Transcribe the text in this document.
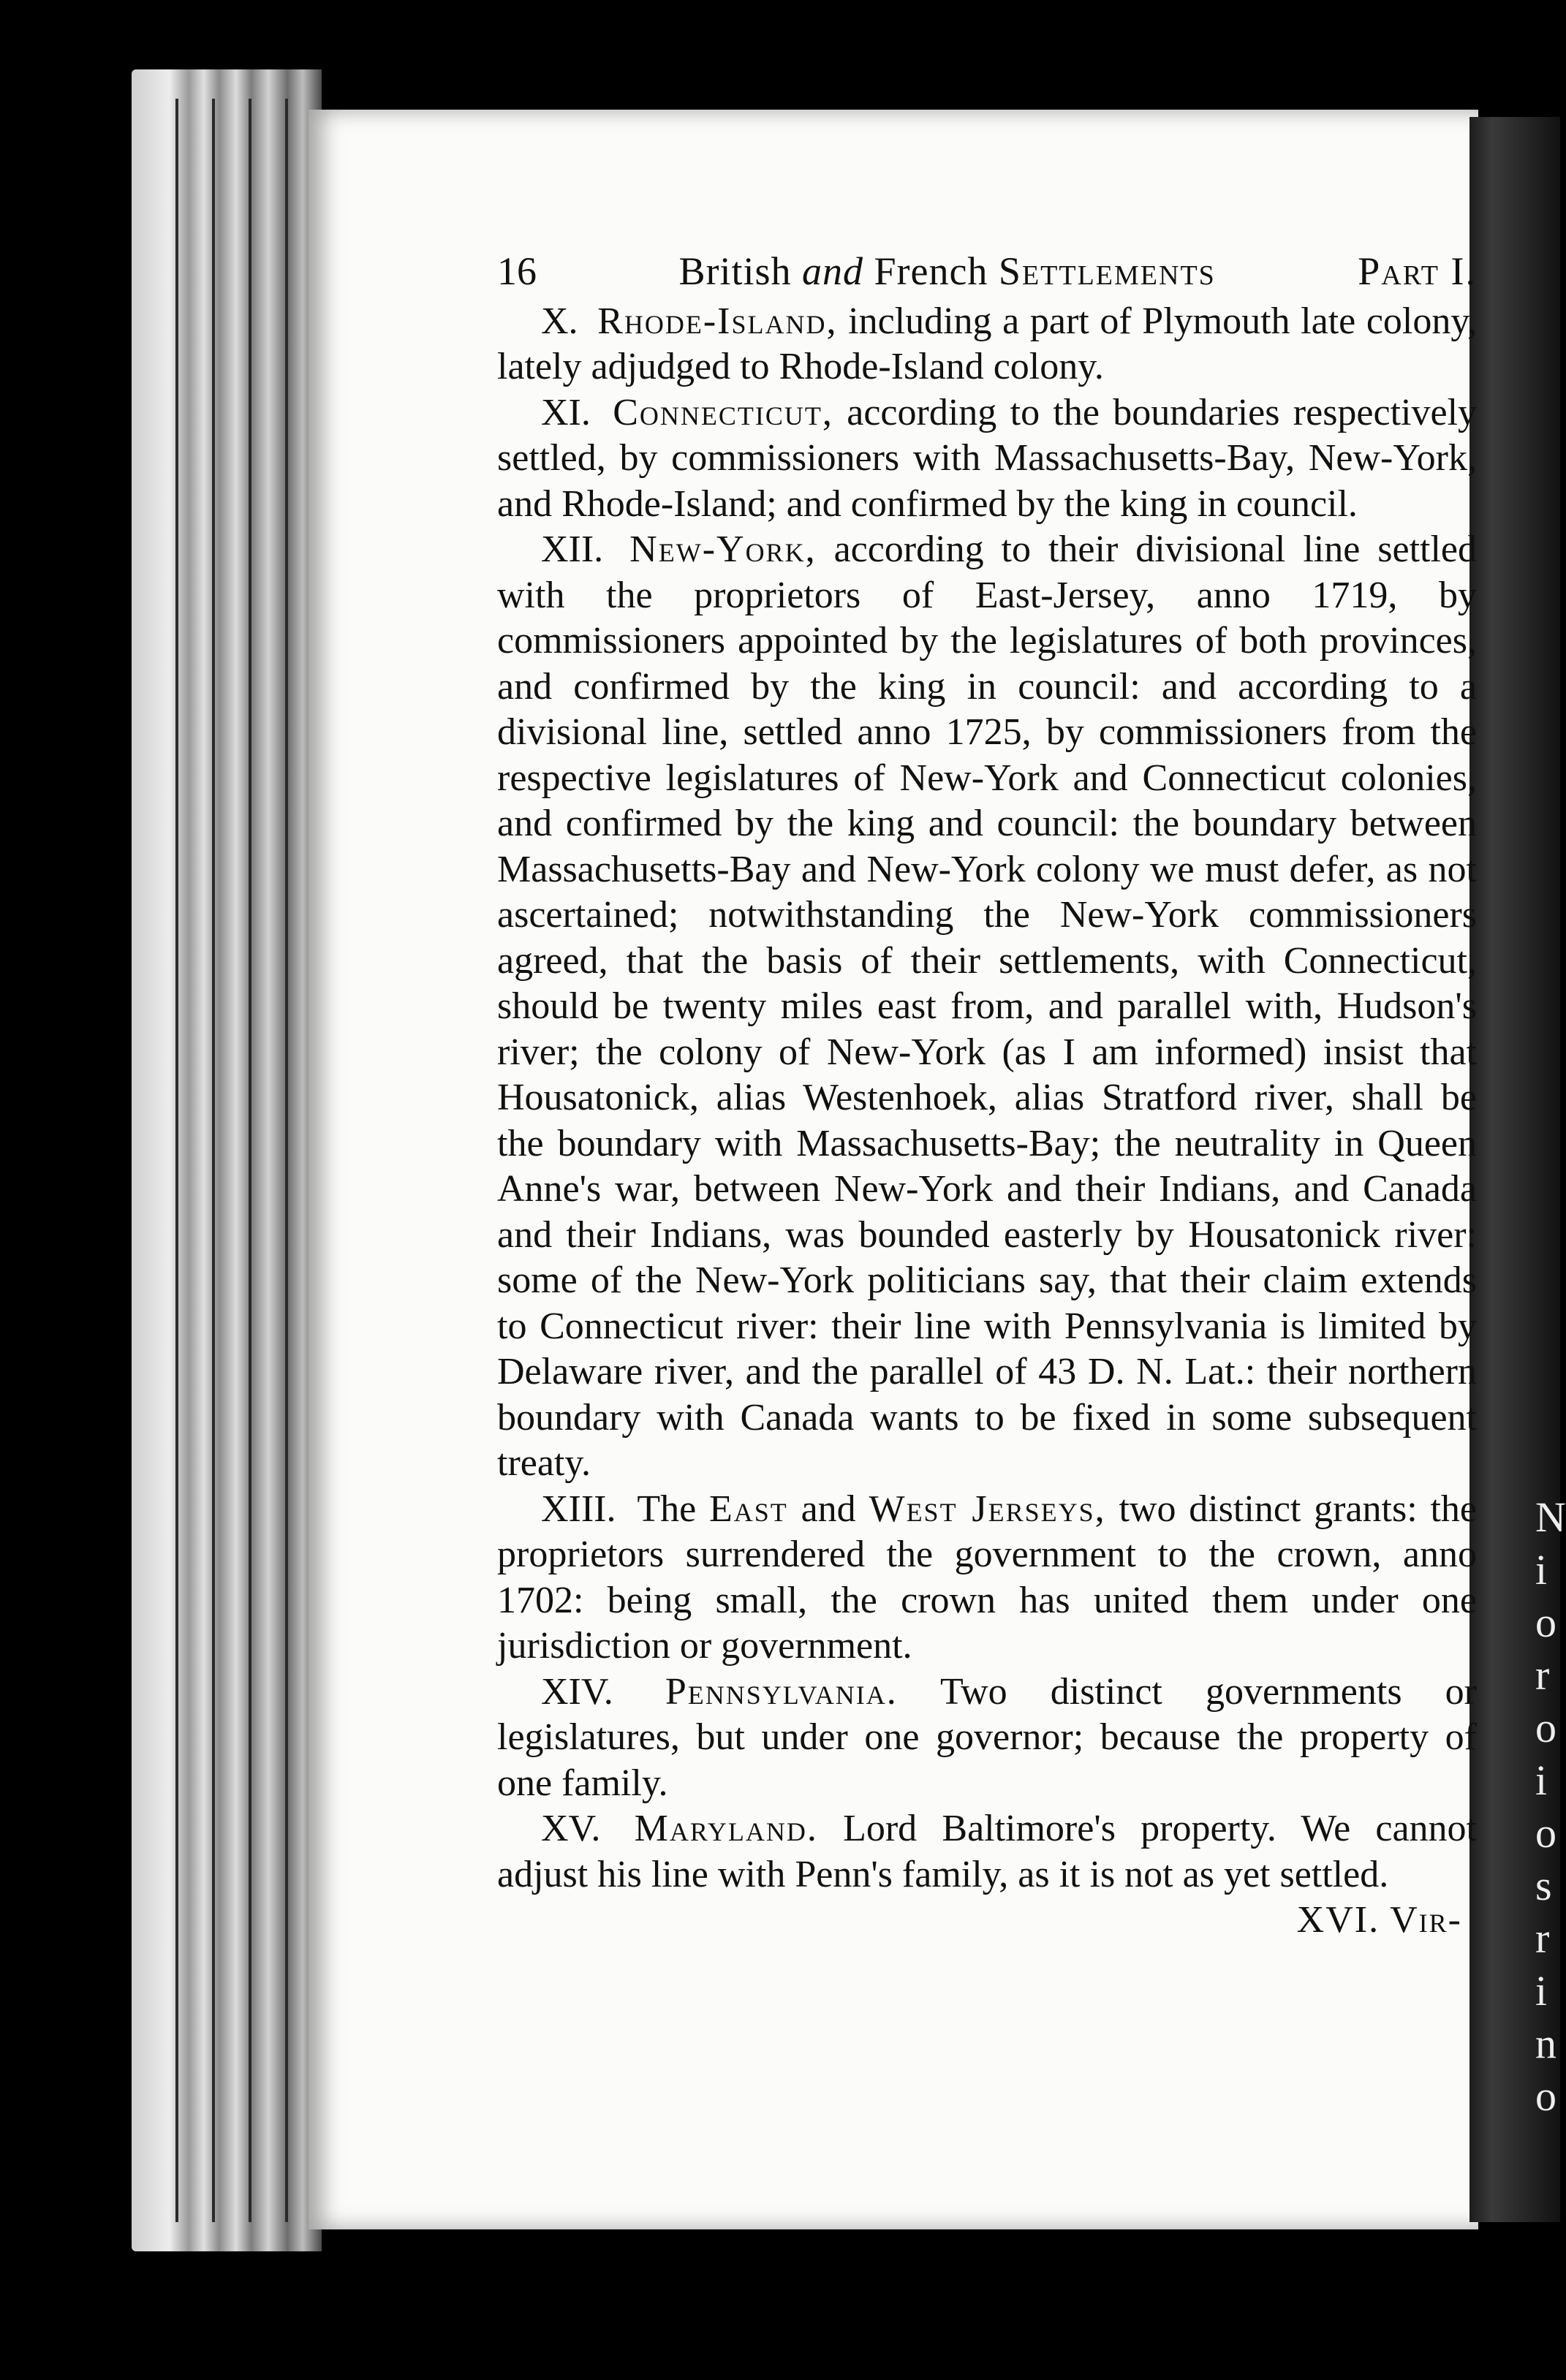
N
i
o
r
o
i
o
s
r
i
n
o
16	British and French Settlements	Part I.

X. Rhode-Island, including a part of Plymouth late colony, lately adjudged to Rhode-Island colony.

XI. Connecticut, according to the boundaries respectively settled, by commissioners with Massachusetts-Bay, New-York, and Rhode-Island; and confirmed by the king in council.

XII. New-York, according to their divisional line settled with the proprietors of East-Jersey, anno 1719, by commissioners appointed by the legislatures of both provinces, and confirmed by the king in council: and according to a divisional line, settled anno 1725, by commissioners from the respective legislatures of New-York and Connecticut colonies, and confirmed by the king and council: the boundary between Massachusetts-Bay and New-York colony we must defer, as not ascertained; notwithstanding the New-York commissioners agreed, that the basis of their settlements, with Connecticut, should be twenty miles east from, and parallel with, Hudson's river; the colony of New-York (as I am informed) insist that Housatonick, alias Westenhoek, alias Stratford river, shall be the boundary with Massachusetts-Bay; the neutrality in Queen Anne's war, between New-York and their Indians, and Canada and their Indians, was bounded easterly by Housatonick river: some of the New-York politicians say, that their claim extends to Connecticut river: their line with Pennsylvania is limited by Delaware river, and the parallel of 43 D. N. Lat.: their northern boundary with Canada wants to be fixed in some subsequent treaty.

XIII. The East and West Jerseys, two distinct grants: the proprietors surrendered the government to the crown, anno 1702: being small, the crown has united them under one jurisdiction or government.

XIV. Pennsylvania. Two distinct governments or legislatures, but under one governor; because the property of one family.

XV. Maryland. Lord Baltimore's property. We cannot adjust his line with Penn's family, as it is not as yet settled.

XVI. Vir-
